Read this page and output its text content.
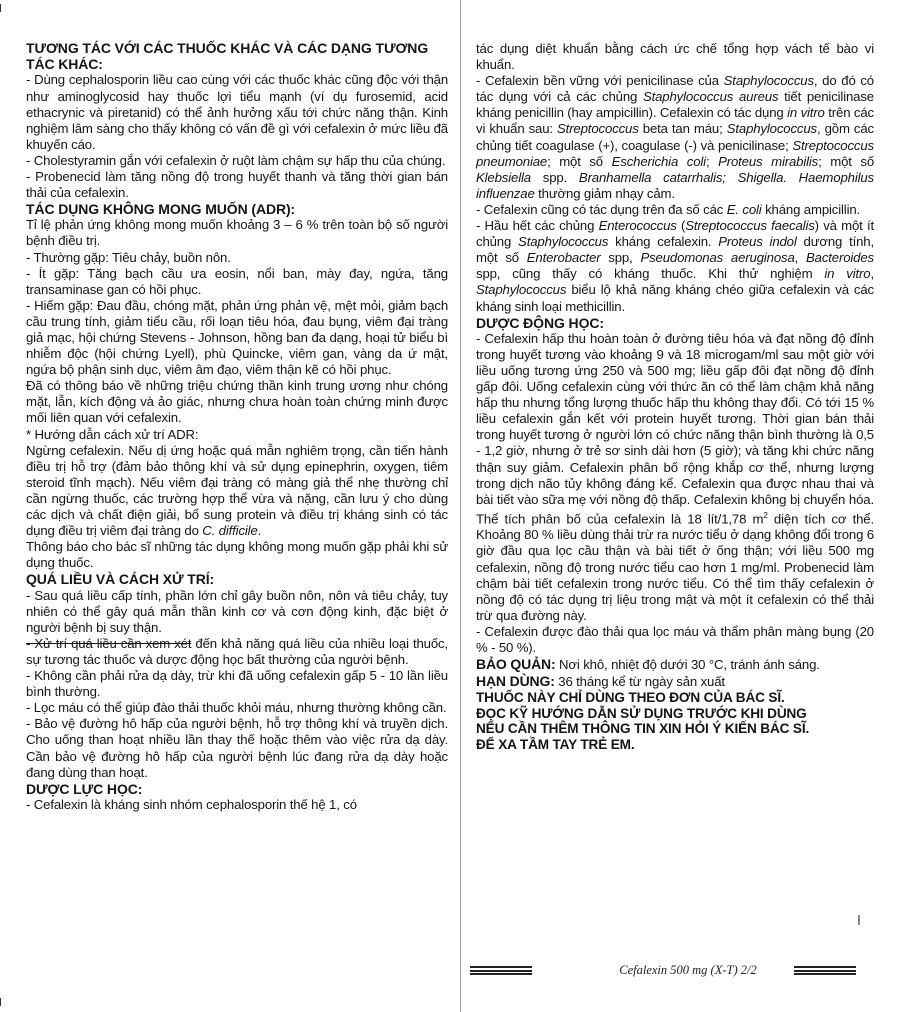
TƯƠNG TÁC VỚI CÁC THUỐC KHÁC VÀ CÁC DẠNG TƯƠNG TÁC KHÁC:

- Dùng cephalosporin liều cao cùng với các thuốc khác cũng độc với thận như aminoglycosid hay thuốc lợi tiểu mạnh (ví dụ furosemid, acid ethacrynic và piretanid) có thể ảnh hưởng xấu tới chức năng thận. Kinh nghiệm lâm sàng cho thấy không có vấn đề gì với cefalexin ở mức liều đã khuyến cáo.

- Cholestyramin gắn với cefalexin ở ruột làm chậm sự hấp thu của chúng.

- Probenecid làm tăng nồng độ trong huyết thanh và tăng thời gian bán thải của cefalexin.

TÁC DỤNG KHÔNG MONG MUỐN (ADR):

Tỉ lệ phản ứng không mong muốn khoảng 3 – 6 % trên toàn bộ số người bệnh điều trị.

- Thường gặp: Tiêu chảy, buồn nôn.

- Ít gặp: Tăng bạch cầu ưa eosin, nổi ban, mày đay, ngứa, tăng transaminase gan có hồi phục.

- Hiếm gặp: Đau đầu, chóng mặt, phản ứng phản vệ, mệt mỏi, giảm bạch cầu trung tính, giảm tiểu cầu, rối loạn tiêu hóa, đau bụng, viêm đại tràng giả mạc, hội chứng Stevens - Johnson, hồng ban đa dạng, hoại tử biểu bì nhiễm độc (hội chứng Lyell), phù Quincke, viêm gan, vàng da ứ mật, ngứa bộ phận sinh dục, viêm âm đạo, viêm thận kẽ có hồi phục.

Đã có thông báo về những triệu chứng thần kinh trung ương như chóng mặt, lẫn, kích động và ảo giác, nhưng chưa hoàn toàn chứng minh được mối liên quan với cefalexin.

* Hướng dẫn cách xử trí ADR:

Ngừng cefalexin. Nếu dị ứng hoặc quá mẫn nghiêm trọng, cần tiến hành điều trị hỗ trợ (đảm bảo thông khí và sử dụng epinephrin, oxygen, tiêm steroid tĩnh mạch). Nếu viêm đại tràng có màng giả thể nhẹ thường chỉ cần ngừng thuốc, các trường hợp thể vừa và nặng, cần lưu ý cho dùng các dịch và chất điện giải, bổ sung protein và điều trị kháng sinh có tác dụng điều trị viêm đại tràng do C. difficile.

Thông báo cho bác sĩ những tác dụng không mong muốn gặp phải khi sử dụng thuốc.

QUÁ LIỀU VÀ CÁCH XỬ TRÍ:

- Sau quá liều cấp tính, phần lớn chỉ gây buồn nôn, nôn và tiêu chảy, tuy nhiên có thể gây quá mẫn thần kinh cơ và cơn động kinh, đặc biệt ở người bệnh bị suy thận.

- Xử trí quá liều cần xem xét đến khả năng quá liều của nhiều loại thuốc, sự tương tác thuốc và dược động học bất thường của người bệnh.

- Không cần phải rửa dạ dày, trừ khi đã uống cefalexin gấp 5 - 10 lần liều bình thường.

- Lọc máu có thể giúp đào thải thuốc khỏi máu, nhưng thường không cần.

- Bảo vệ đường hô hấp của người bệnh, hỗ trợ thông khí và truyền dịch. Cho uống than hoạt nhiều lần thay thế hoặc thêm vào việc rửa dạ dày. Cần bảo vệ đường hô hấp của người bệnh lúc đang rửa dạ dày hoặc đang dùng than hoạt.

DƯỢC LỰC HỌC:

- Cefalexin là kháng sinh nhóm cephalosporin thế hệ 1, có

tác dụng diệt khuẩn bằng cách ức chế tổng hợp vách tế bào vi khuẩn.

- Cefalexin bền vững với penicilinase của Staphylococcus, do đó có tác dụng với cả các chủng Staphylococcus aureus tiết penicilinase kháng penicillin (hay ampicillin). Cefalexin có tác dụng in vitro trên các vi khuẩn sau: Streptococcus beta tan máu; Staphylococcus, gồm các chủng tiết coagulase (+), coagulase (-) và penicilinase; Streptococcus pneumoniae; một số Escherichia coli; Proteus mirabilis; một số Klebsiella spp. Branhamella catarrhalis; Shigella. Haemophilus influenzae thường giảm nhạy cảm.

- Cefalexin cũng có tác dụng trên đa số các E. coli kháng ampicillin.

- Hầu hết các chủng Enterococcus (Streptococcus faecalis) và một ít chủng Staphylococcus kháng cefalexin. Proteus indol dương tính, một số Enterobacter spp, Pseudomonas aeruginosa, Bacteroides spp, cũng thấy có kháng thuốc. Khi thử nghiệm in vitro, Staphylococcus biểu lộ khả năng kháng chéo giữa cefalexin và các kháng sinh loại methicillin.

DƯỢC ĐỘNG HỌC:

- Cefalexin hấp thu hoàn toàn ở đường tiêu hóa và đạt nồng độ đỉnh trong huyết tương vào khoảng 9 và 18 microgam/ml sau một giờ với liều uống tương ứng 250 và 500 mg; liều gấp đôi đạt nồng độ đỉnh gấp đôi. Uống cefalexin cùng với thức ăn có thể làm chậm khả năng hấp thu nhưng tổng lượng thuốc hấp thu không thay đổi. Có tới 15 % liều cefalexin gắn kết với protein huyết tương. Thời gian bán thải trong huyết tương ở người lớn có chức năng thận bình thường là 0,5 - 1,2 giờ, nhưng ở trẻ sơ sinh dài hơn (5 giờ); và tăng khi chức năng thận suy giảm. Cefalexin phân bố rộng khắp cơ thể, nhưng lượng trong dịch não tủy không đáng kể. Cefalexin qua được nhau thai và bài tiết vào sữa mẹ với nồng độ thấp. Cefalexin không bị chuyển hóa. Thể tích phân bố của cefalexin là 18 lít/1,78 $m^2$ diện tích cơ thể. Khoảng 80 % liều dùng thải trừ ra nước tiểu ở dạng không đổi trong 6 giờ đầu qua lọc cầu thận và bài tiết ở ống thận; với liều 500 mg cefalexin, nồng độ trong nước tiểu cao hơn 1 mg/ml. Probenecid làm chậm bài tiết cefalexin trong nước tiểu. Có thể tìm thấy cefalexin ở nồng độ có tác dụng trị liệu trong mật và một ít cefalexin có thể thải trừ qua đường này.

- Cefalexin được đào thải qua lọc máu và thẩm phân màng bụng (20 % - 50 %).

BẢO QUẢN: Nơi khô, nhiệt độ dưới 30 °C, tránh ánh sáng.

HẠN DÙNG: 36 tháng kể từ ngày sản xuất

THUỐC NÀY CHỈ DÙNG THEO ĐƠN CỦA BÁC SĨ.
ĐỌC KỸ HƯỚNG DẪN SỬ DỤNG TRƯỚC KHI DÙNG
NẾU CẦN THÊM THÔNG TIN XIN HỎI Ý KIẾN BÁC SĨ.
ĐỂ XA TẦM TAY TRẺ EM.
Cefalexin 500 mg (X-T) 2/2
